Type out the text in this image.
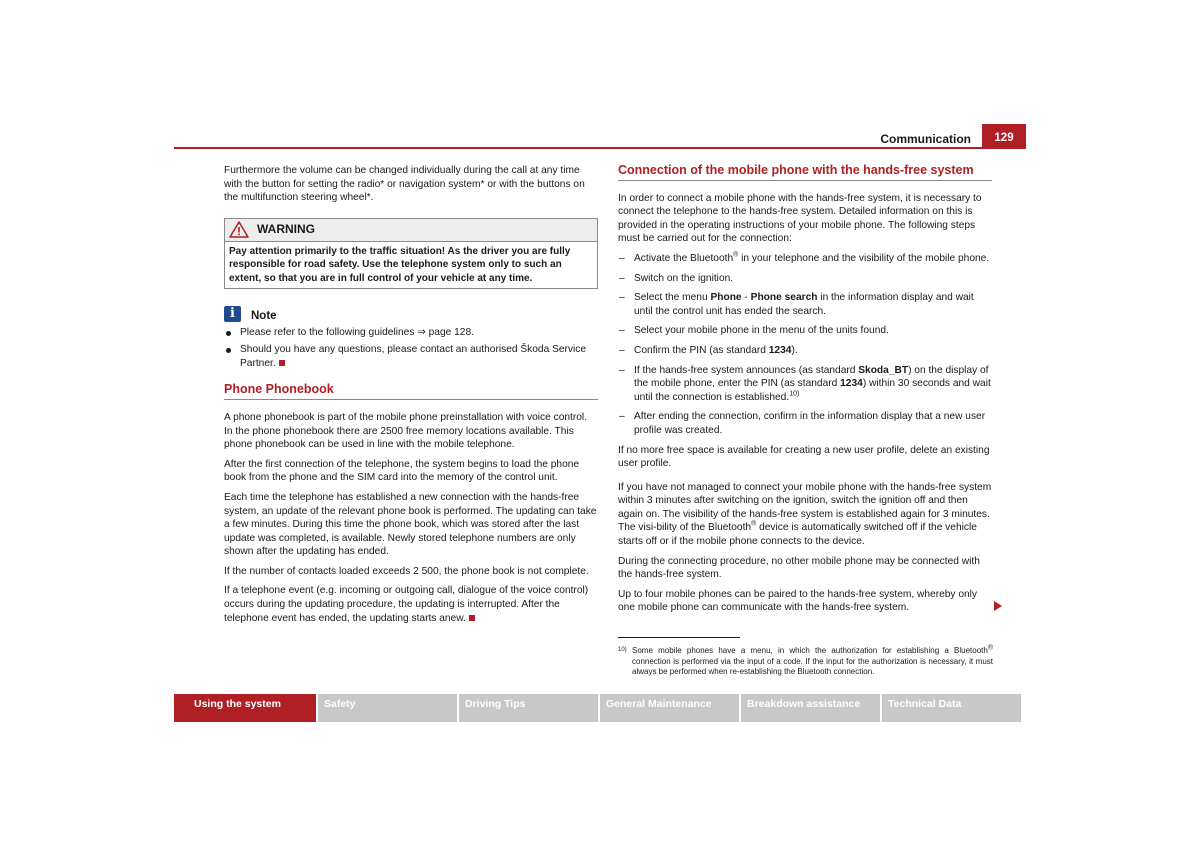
Communication	129

Furthermore the volume can be changed individually during the call at any time with the button for setting the radio* or navigation system* or with the buttons on the multifunction steering wheel*.

WARNING
Pay attention primarily to the traffic situation! As the driver you are fully responsible for road safety. Use the telephone system only to such an extent, so that you are in full control of your vehicle at any time.
i	Note
Please refer to the following guidelines ⇒ page 128.
Should you have any questions, please contact an authorised Škoda Service Partner.
Phone Phonebook

A phone phonebook is part of the mobile phone preinstallation with voice control. In the phone phonebook there are 2500 free memory locations available. This phone phonebook can be used in line with the mobile telephone.

After the first connection of the telephone, the system begins to load the phone book from the phone and the SIM card into the memory of the control unit.

Each time the telephone has established a new connection with the hands-free system, an update of the relevant phone book is performed. The updating can take a few minutes. During this time the phone book, which was stored after the last update was completed, is available. Newly stored telephone numbers are only shown after the updating has ended.

If the number of contacts loaded exceeds 2 500, the phone book is not complete.

If a telephone event (e.g. incoming or outgoing call, dialogue of the voice control) occurs during the updating procedure, the updating is interrupted. After the telephone event has ended, the updating starts anew.

Connection of the mobile phone with the hands-free system

In order to connect a mobile phone with the hands-free system, it is necessary to connect the telephone to the hands-free system. Detailed information on this is provided in the operating instructions of your mobile phone. The following steps must be carried out for the connection:

– Activate the Bluetooth® in your telephone and the visibility of the mobile phone.
– Switch on the ignition.
– Select the menu Phone - Phone search in the information display and wait until the control unit has ended the search.
– Select your mobile phone in the menu of the units found.
– Confirm the PIN (as standard 1234).
– If the hands-free system announces (as standard Skoda_BT) on the display of the mobile phone, enter the PIN (as standard 1234) within 30 seconds and wait until the connection is established.$^{10)}$
– After ending the connection, confirm in the information display that a new user profile was created.

If no more free space is available for creating a new user profile, delete an existing user profile.

If you have not managed to connect your mobile phone with the hands-free system within 3 minutes after switching on the ignition, switch the ignition off and then again on. The visibility of the hands-free system is established again for 3 minutes. The visi-bility of the Bluetooth® device is automatically switched off if the vehicle starts off or if the mobile phone connects to the device.

During the connecting procedure, no other mobile phone may be connected with the hands-free system.

Up to four mobile phones can be paired to the hands-free system, whereby only one mobile phone can communicate with the hands-free system.

10) Some mobile phones have a menu, in which the authorization for establishing a Bluetooth® connection is performed via the input of a code. If the input for the authorization is necessary, it must always be performed when re-establishing the Bluetooth connection.
Using the system	Safety	Driving Tips	General Maintenance	Breakdown assistance	Technical Data
